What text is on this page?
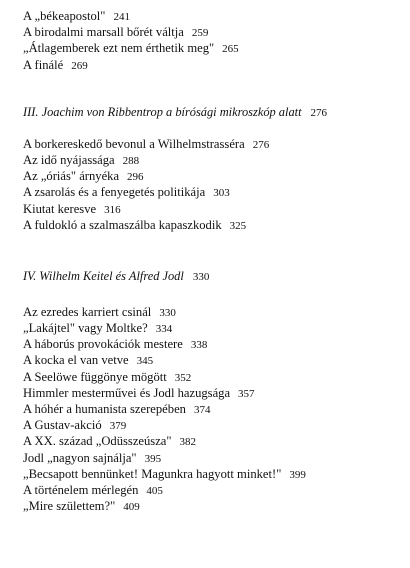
A „békeapostol" 241
A birodalmi marsall bőrét váltja 259
„Átlagemberek ezt nem érthetik meg" 265
A finálé 269
III. Joachim von Ribbentrop a bírósági mikroszkóp alatt 276
A borkereskedő bevonul a Wilhelmstrasséra 276
Az idő nyájassága 288
Az „óriás" árnyéka 296
A zsarolás és a fenyegetés politikája 303
Kiutat keresve 316
A fuldokló a szalmaszálba kapaszkodik 325
IV. Wilhelm Keitel és Alfred Jodl 330
Az ezredes karriert csinál 330
„Lakájtel" vagy Moltke? 334
A háborús provokációk mestere 338
A kocka el van vetve 345
A Seelöwe függönye mögött 352
Himmler mesterművei és Jodl hazugsága 357
A hóhér a humanista szerepében 374
A Gustav-akció 379
A XX. század „Odüsszeúsza" 382
Jodl „nagyon sajnálja" 395
„Becsapott bennünket! Magunkra hagyott minket!" 399
A történelem mérlegén 405
„Mire születtem?" 409
